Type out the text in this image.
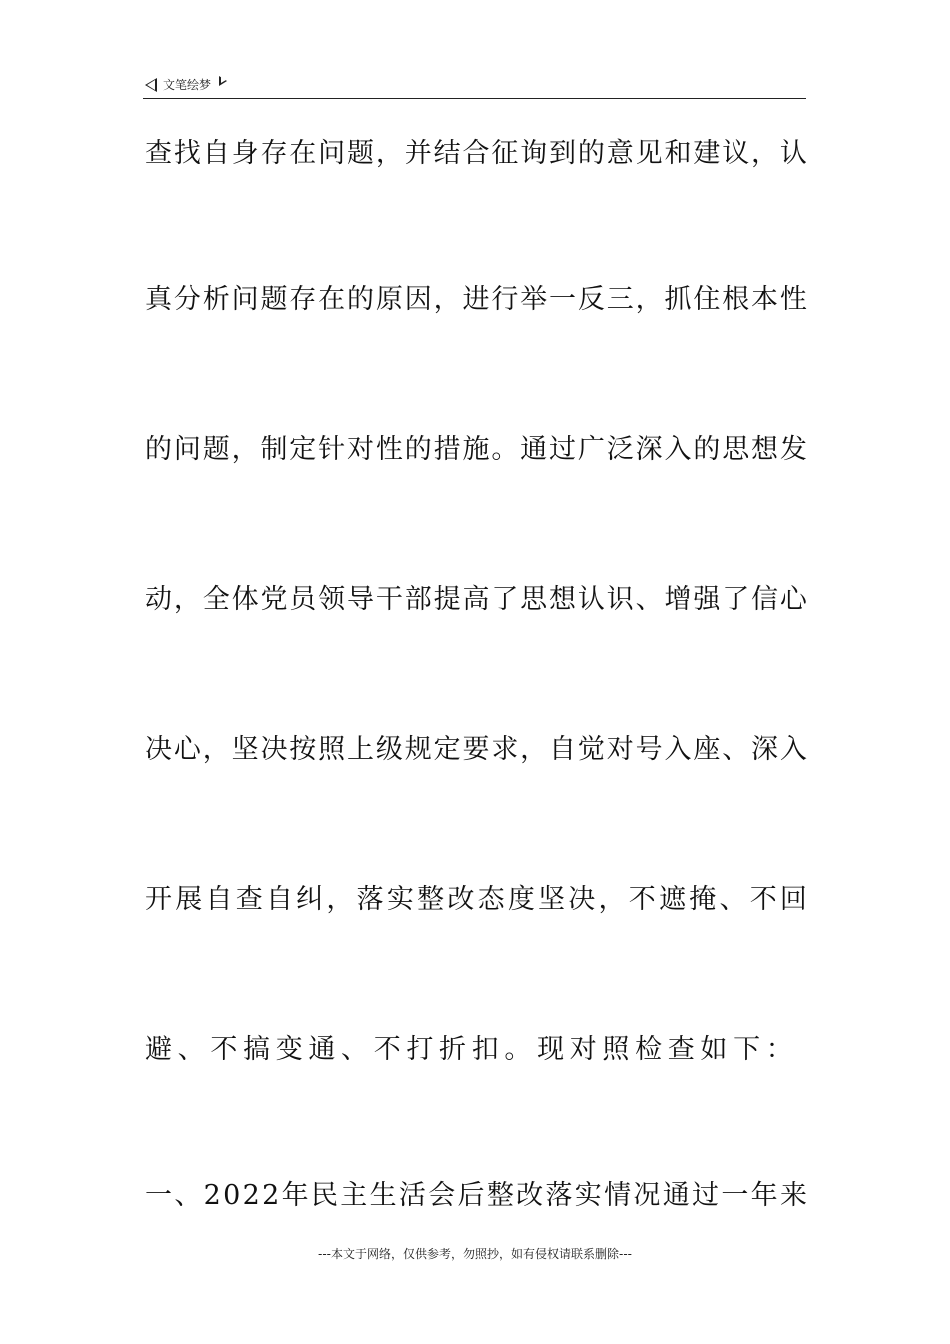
文笔绘梦
查 找 自 身 存 在 问 题 ， 并 结 合 征 询 到 的 意 见 和 建 议 ， 认
真 分 析 问 题 存 在 的 原 因 ， 进 行 举 一 反 三 ， 抓 住 根 本 性
的 问 题 ， 制 定 针 对 性 的 措 施 。 通 过 广 泛 深 入 的 思 想 发
动 ， 全 体 党 员 领 导 干 部 提 高 了 思 想 认 识 、 增 强 了 信 心
决 心 ， 坚 决 按 照 上 级 规 定 要 求 ， 自 觉 对 号 入 座 、 深 入
开 展 自 查 自 纠 ， 落 实 整 改 态 度 坚 决 ， 不 遮 掩 、 不 回
避 、 不 搞 变 通 、 不 打 折 扣 。 现 对 照 检 查 如 下 ：
一 、 2 0 2 2 年 民 主 生 活 会 后 整 改 落 实 情 况 通 过 一 年 来
---本文于网络，仅供参考，勿照抄，如有侵权请联系删除---
